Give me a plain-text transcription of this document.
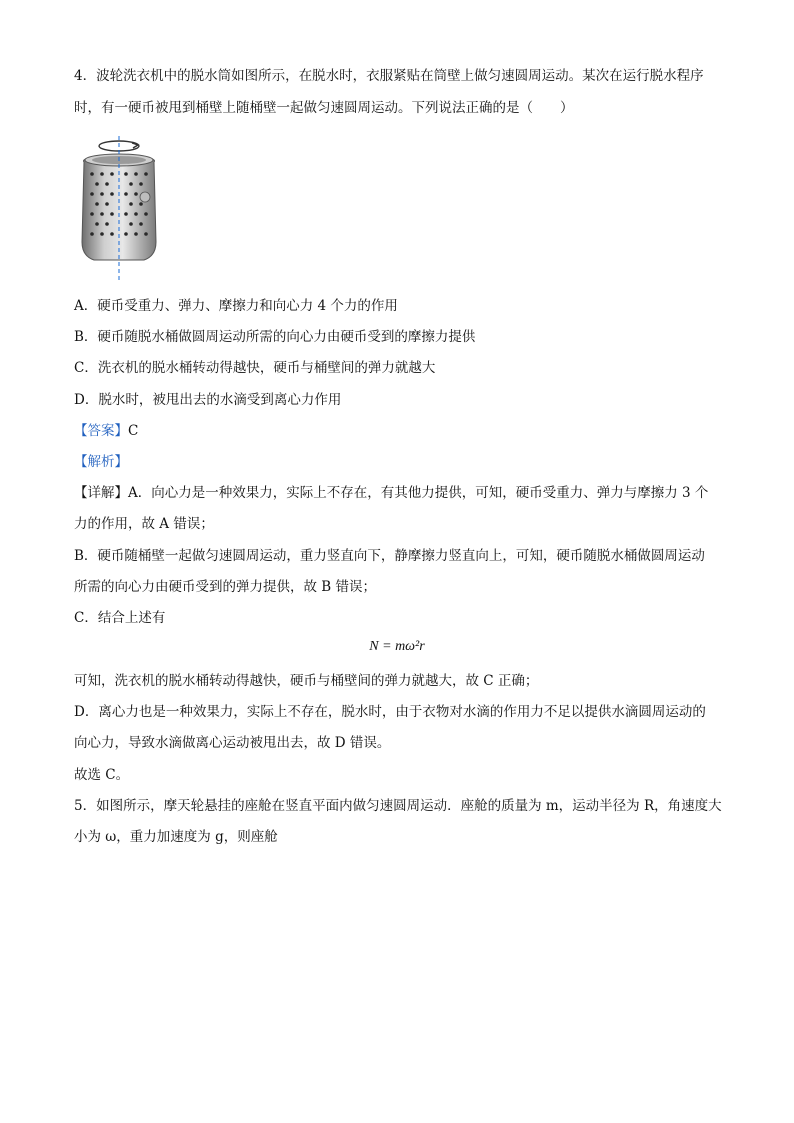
4．波轮洗衣机中的脱水筒如图所示，在脱水时，衣服紧贴在筒壁上做匀速圆周运动。某次在运行脱水程序
时，有一硬币被甩到桶壁上随桶壁一起做匀速圆周运动。下列说法正确的是（　　）
A．硬币受重力、弹力、摩擦力和向心力 4 个力的作用
B．硬币随脱水桶做圆周运动所需的向心力由硬币受到的摩擦力提供
C．洗衣机的脱水桶转动得越快，硬币与桶壁间的弹力就越大
D．脱水时，被甩出去的水滴受到离心力作用
【答案】C
【解析】
【详解】A．向心力是一种效果力，实际上不存在，有其他力提供，可知，硬币受重力、弹力与摩擦力 3 个
力的作用，故 A 错误；
B．硬币随桶壁一起做匀速圆周运动，重力竖直向下，静摩擦力竖直向上，可知，硬币随脱水桶做圆周运动
所需的向心力由硬币受到的弹力提供，故 B 错误；
C．结合上述有
N = mω²r
可知，洗衣机的脱水桶转动得越快，硬币与桶壁间的弹力就越大，故 C 正确；
D．离心力也是一种效果力，实际上不存在，脱水时，由于衣物对水滴的作用力不足以提供水滴圆周运动的
向心力，导致水滴做离心运动被甩出去，故 D 错误。
故选 C。
5．如图所示，摩天轮悬挂的座舱在竖直平面内做匀速圆周运动．座舱的质量为 m，运动半径为 R，角速度大
小为 ω，重力加速度为 g，则座舱
